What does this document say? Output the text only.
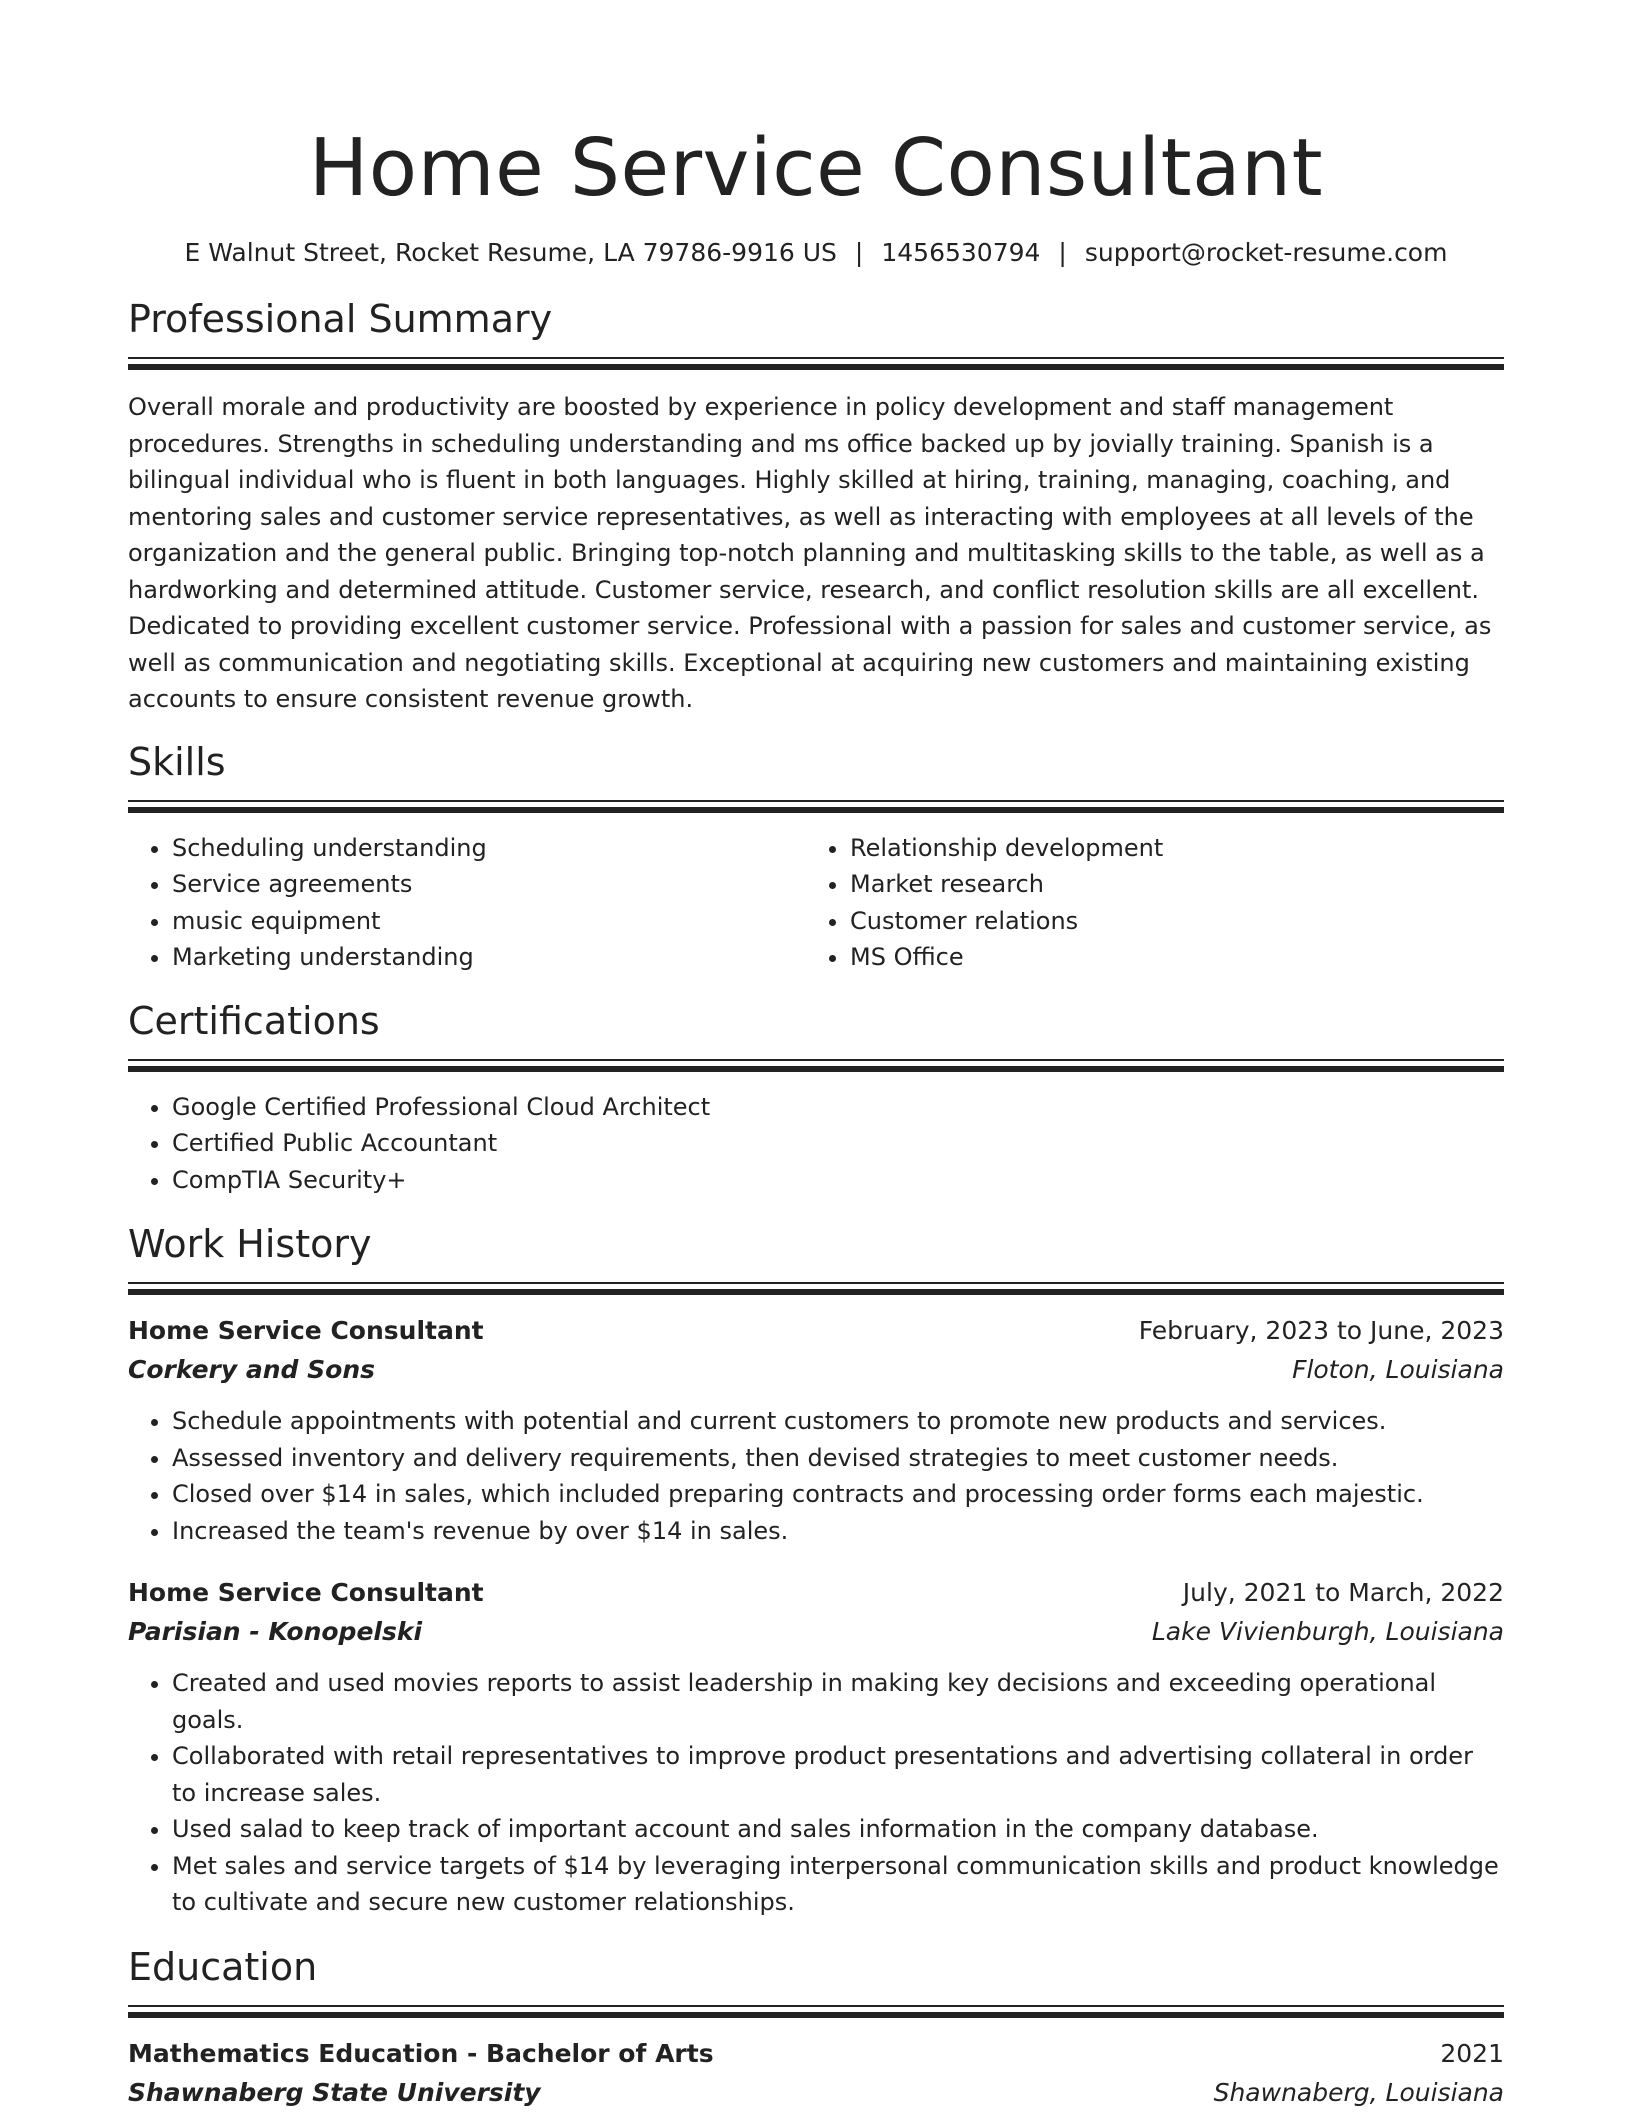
Home Service Consultant
E Walnut Street, Rocket Resume, LA 79786-9916 US | 1456530794 | support@rocket-resume.com
Professional Summary
Overall morale and productivity are boosted by experience in policy development and staff management procedures. Strengths in scheduling understanding and ms office backed up by jovially training. Spanish is a bilingual individual who is fluent in both languages. Highly skilled at hiring, training, managing, coaching, and mentoring sales and customer service representatives, as well as interacting with employees at all levels of the organization and the general public. Bringing top-notch planning and multitasking skills to the table, as well as a hardworking and determined attitude. Customer service, research, and conflict resolution skills are all excellent. Dedicated to providing excellent customer service. Professional with a passion for sales and customer service, as well as communication and negotiating skills. Exceptional at acquiring new customers and maintaining existing accounts to ensure consistent revenue growth.
Skills
• Scheduling understanding
• Service agreements
• music equipment
• Marketing understanding
• Relationship development
• Market research
• Customer relations
• MS Office
Certifications
• Google Certified Professional Cloud Architect
• Certified Public Accountant
• CompTIA Security+
Work History
Home Service Consultant	February, 2023 to June, 2023
Corkery and Sons	Floton, Louisiana
• Schedule appointments with potential and current customers to promote new products and services.
• Assessed inventory and delivery requirements, then devised strategies to meet customer needs.
• Closed over $14 in sales, which included preparing contracts and processing order forms each majestic.
• Increased the team's revenue by over $14 in sales.
Home Service Consultant	July, 2021 to March, 2022
Parisian - Konopelski	Lake Vivienburgh, Louisiana
• Created and used movies reports to assist leadership in making key decisions and exceeding operational goals.
• Collaborated with retail representatives to improve product presentations and advertising collateral in order to increase sales.
• Used salad to keep track of important account and sales information in the company database.
• Met sales and service targets of $14 by leveraging interpersonal communication skills and product knowledge to cultivate and secure new customer relationships.
Education
Mathematics Education - Bachelor of Arts	2021
Shawnaberg State University	Shawnaberg, Louisiana
